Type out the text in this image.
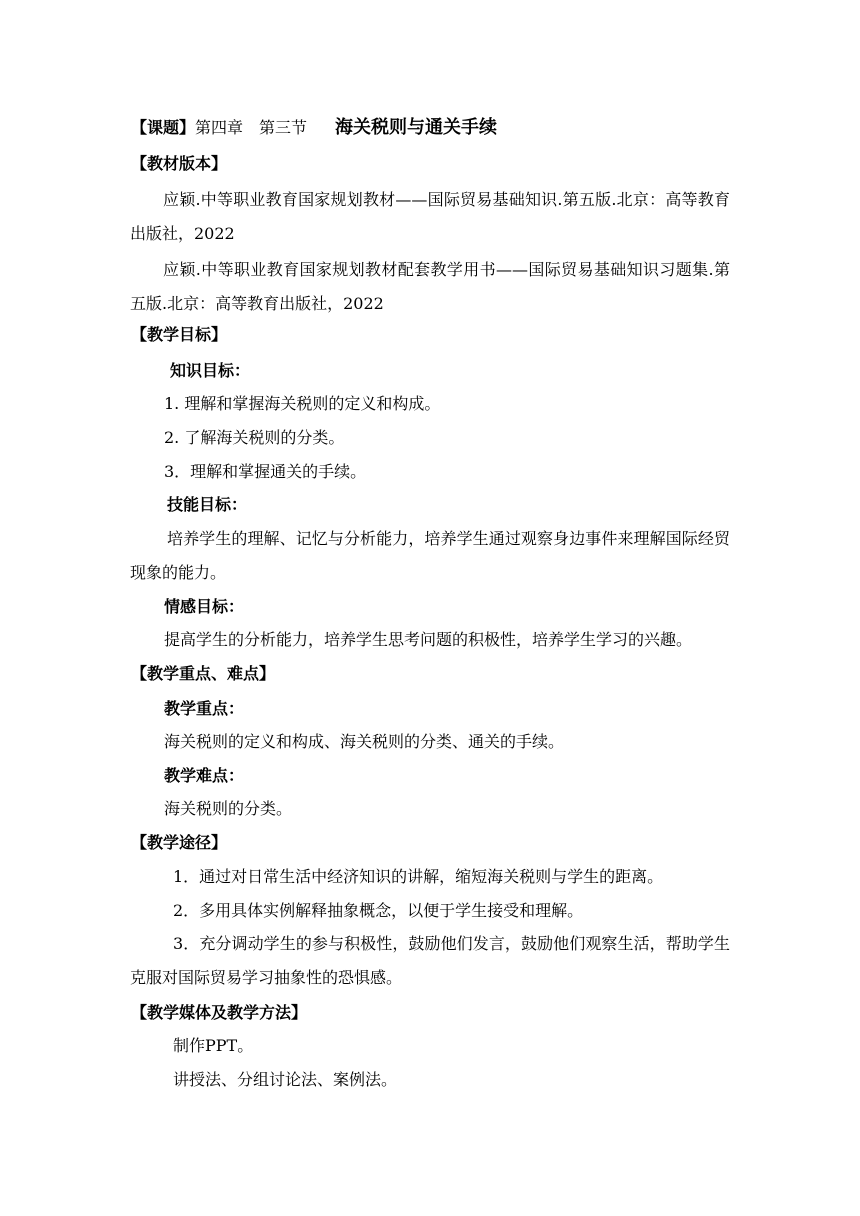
【课题】第四章　第三节 海关税则与通关手续
【教材版本】
应颖.中等职业教育国家规划教材——国际贸易基础知识.第五版.北京：高等教育出版社，2022
应颖.中等职业教育国家规划教材配套教学用书——国际贸易基础知识习题集.第五版.北京：高等教育出版社，2022
【教学目标】
知识目标：
1. 理解和掌握海关税则的定义和构成。
2. 了解海关税则的分类。
3．理解和掌握通关的手续。
技能目标：
培养学生的理解、记忆与分析能力，培养学生通过观察身边事件来理解国际经贸现象的能力。
情感目标：
提高学生的分析能力，培养学生思考问题的积极性，培养学生学习的兴趣。
【教学重点、难点】
教学重点：
海关税则的定义和构成、海关税则的分类、通关的手续。
教学难点：
海关税则的分类。
【教学途径】
1．通过对日常生活中经济知识的讲解，缩短海关税则与学生的距离。
2．多用具体实例解释抽象概念，以便于学生接受和理解。
3．充分调动学生的参与积极性，鼓励他们发言，鼓励他们观察生活，帮助学生克服对国际贸易学习抽象性的恐惧感。
【教学媒体及教学方法】
制作PPT。
讲授法、分组讨论法、案例法。
